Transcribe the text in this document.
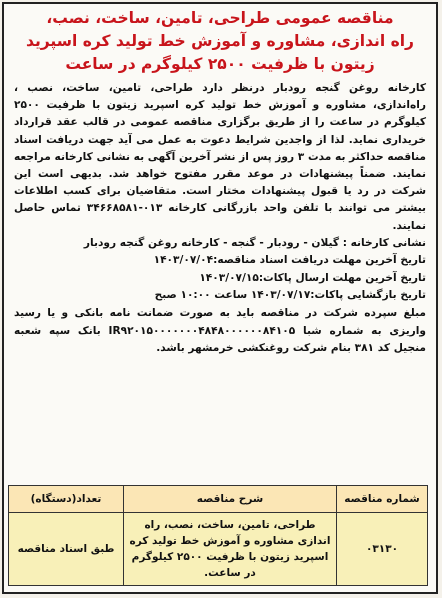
مناقصه عمومی طراحی، تامین، ساخت، نصب،
راه اندازی، مشاوره و آموزش خط تولید کره اسپرید
زیتون با ظرفیت ۲۵۰۰ کیلوگرم در ساعت
کارخانه روغن گنجه رودبار درنظر دارد طراحی، تامین، ساخت، نصب ، راه‌اندازی، مشاوره و آموزش خط تولید کره اسپرید زیتون با ظرفیت ۲۵۰۰ کیلوگرم در ساعت را از طریق برگزاری مناقصه عمومی در قالب عقد قرارداد خریداری نماید. لذا از واجدین شرایط دعوت به عمل می آید جهت دریافت اسناد مناقصه حداکثر به مدت ۳ روز پس از نشر آخرین آگهی به نشانی کارخانه مراجعه نمایند. ضمناً پیشنهادات در موعد مقرر مفتوح خواهد شد. بدیهی است این شرکت در رد یا قبول پیشنهادات مختار است. متقاضیان برای کسب اطلاعات بیشتر می توانند با تلفن واحد بازرگانی کارخانه ۰۱۳-۳۴۶۶۸۵۸۱ تماس حاصل نمایند.
نشانی کارخانه : گیلان - رودبار - گنجه - کارخانه روغن گنجه رودبار
تاریخ آخرین مهلت دریافت اسناد مناقصه:۱۴۰۳/۰۷/۰۴
تاریخ آخرین مهلت ارسال پاکات:۱۴۰۳/۰۷/۱۵
تاریخ بازگشایی پاکات:۱۴۰۳/۰۷/۱۷ ساعت ۱۰:۰۰ صبح
مبلغ سپرده شرکت در مناقصه باید به صورت ضمانت نامه بانکی و یا رسید واریزی به شماره شبا IR۹۲۰۱۵۰۰۰۰۰۰۰۴۸۴۸۰۰۰۰۰۰۸۴۱۰۵ بانک سپه شعبه منجیل کد ۳۸۱ بنام شرکت روغنکشی خرمشهر باشد.
شماره مناقصه	شرح مناقصه	تعداد(دستگاه)
۰۳۱۳۰	طراحی، تامین، ساخت، نصب، راه اندازی مشاوره و آموزش خط تولید کره اسپرید زیتون با ظرفیت ۲۵۰۰ کیلوگرم در ساعت.	طبق اسناد مناقصه
